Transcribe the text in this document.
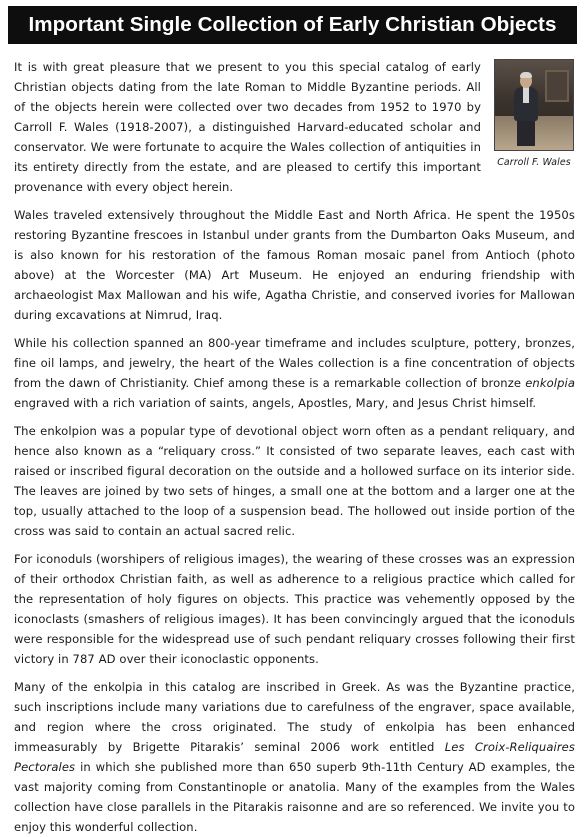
Important Single Collection of Early Christian Objects
Carroll F. Wales

It is with great pleasure that we present to you this special catalog of early Christian objects dating from the late Roman to Middle Byzantine periods. All of the objects herein were collected over two decades from 1952 to 1970 by Carroll F. Wales (1918-2007), a distinguished Harvard-educated scholar and conservator. We were fortunate to acquire the Wales collection of antiquities in its entirety directly from the estate, and are pleased to certify this important provenance with every object herein.

Wales traveled extensively throughout the Middle East and North Africa. He spent the 1950s restoring Byzantine frescoes in Istanbul under grants from the Dumbarton Oaks Museum, and is also known for his restoration of the famous Roman mosaic panel from Antioch (photo above) at the Worcester (MA) Art Museum. He enjoyed an enduring friendship with archaeologist Max Mallowan and his wife, Agatha Christie, and conserved ivories for Mallowan during excavations at Nimrud, Iraq.

While his collection spanned an 800-year timeframe and includes sculpture, pottery, bronzes, fine oil lamps, and jewelry, the heart of the Wales collection is a fine concentration of objects from the dawn of Christianity. Chief among these is a remarkable collection of bronze enkolpia engraved with a rich variation of saints, angels, Apostles, Mary, and Jesus Christ himself.

The enkolpion was a popular type of devotional object worn often as a pendant reliquary, and hence also known as a “reliquary cross.” It consisted of two separate leaves, each cast with raised or inscribed figural decoration on the outside and a hollowed surface on its interior side. The leaves are joined by two sets of hinges, a small one at the bottom and a larger one at the top, usually attached to the loop of a suspension bead. The hollowed out inside portion of the cross was said to contain an actual sacred relic.

For iconoduls (worshipers of religious images), the wearing of these crosses was an expression of their orthodox Christian faith, as well as adherence to a religious practice which called for the representation of holy figures on objects. This practice was vehemently opposed by the iconoclasts (smashers of religious images). It has been convincingly argued that the iconoduls were responsible for the widespread use of such pendant reliquary crosses following their first victory in 787 AD over their iconoclastic opponents.

Many of the enkolpia in this catalog are inscribed in Greek. As was the Byzantine practice, such inscriptions include many variations due to carefulness of the engraver, space available, and region where the cross originated. The study of enkolpia has been enhanced immeasurably by Brigette Pitarakis’ seminal 2006 work entitled Les Croix-Reliquaires Pectorales in which she published more than 650 superb 9th-11th Century AD examples, the vast majority coming from Constantinople or anatolia. Many of the examples from the Wales collection have close parallels in the Pitarakis raisonne and are so referenced. We invite you to enjoy this wonderful collection.
